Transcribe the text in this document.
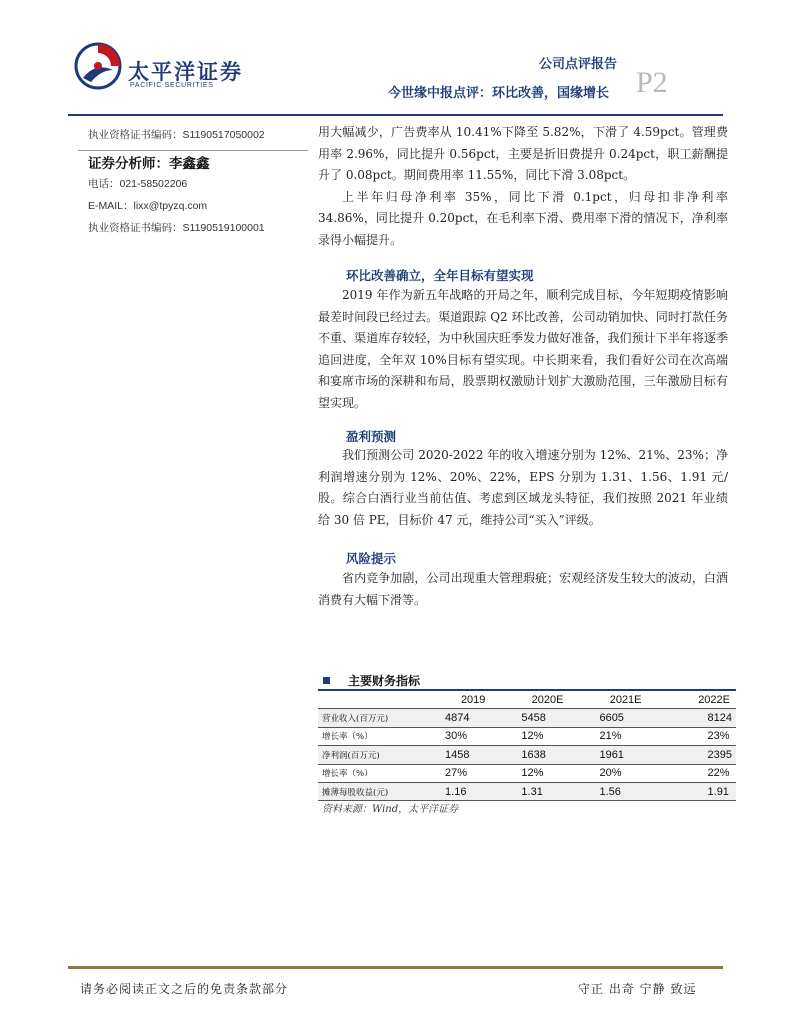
太平洋证券
PACIFIC SECURITIES
公司点评报告
今世缘中报点评：环比改善，国缘增长 P2
执业资格证书编码：S1190517050002
证券分析师：李鑫鑫
电话：021-58502206
E-MAIL：lixx@tpyzq.com
执业资格证书编码：S1190519100001

用大幅减少，广告费率从 10.41%下降至 5.82%，下滑了 4.59pct。管理费用率 2.96%，同比提升 0.56pct，主要是折旧费提升 0.24pct，职工薪酬提升了 0.08pct。期间费用率 11.55%，同比下滑 3.08pct。

上半年归母净利率 35%，同比下滑 0.1pct，归母扣非净利率 34.86%，同比提升 0.20pct，在毛利率下滑、费用率下滑的情况下，净利率录得小幅提升。

环比改善确立，全年目标有望实现

2019 年作为新五年战略的开局之年，顺利完成目标，今年短期疫情影响最差时间段已经过去。渠道跟踪 Q2 环比改善，公司动销加快、同时打款任务不重、渠道库存较轻，为中秋国庆旺季发力做好准备，我们预计下半年将逐季追回进度，全年双 10%目标有望实现。中长期来看，我们看好公司在次高端和宴席市场的深耕和布局，股票期权激励计划扩大激励范围，三年激励目标有望实现。

盈利预测

我们预测公司 2020-2022 年的收入增速分别为 12%、21%、23%；净利润增速分别为 12%、20%、22%，EPS 分别为 1.31、1.56、1.91 元/股。综合白酒行业当前估值、考虑到区域龙头特征，我们按照 2021 年业绩给 30 倍 PE，目标价 47 元，维持公司“买入”评级。

风险提示

省内竞争加剧，公司出现重大管理瑕疵；宏观经济发生较大的波动，白酒消费有大幅下滑等。

主要财务指标
	2019	2020E	2021E	2022E
营业收入(百万元)	4874	5458	6605	8124
增长率（%）	30%	12%	21%	23%
净利润(百万元)	1458	1638	1961	2395
增长率（%）	27%	12%	20%	22%
摊薄每股收益(元)	1.16	1.31	1.56	1.91
资料来源：Wind，太平洋证券
请务必阅读正文之后的免责条款部分	守正 出奇 宁静 致远
